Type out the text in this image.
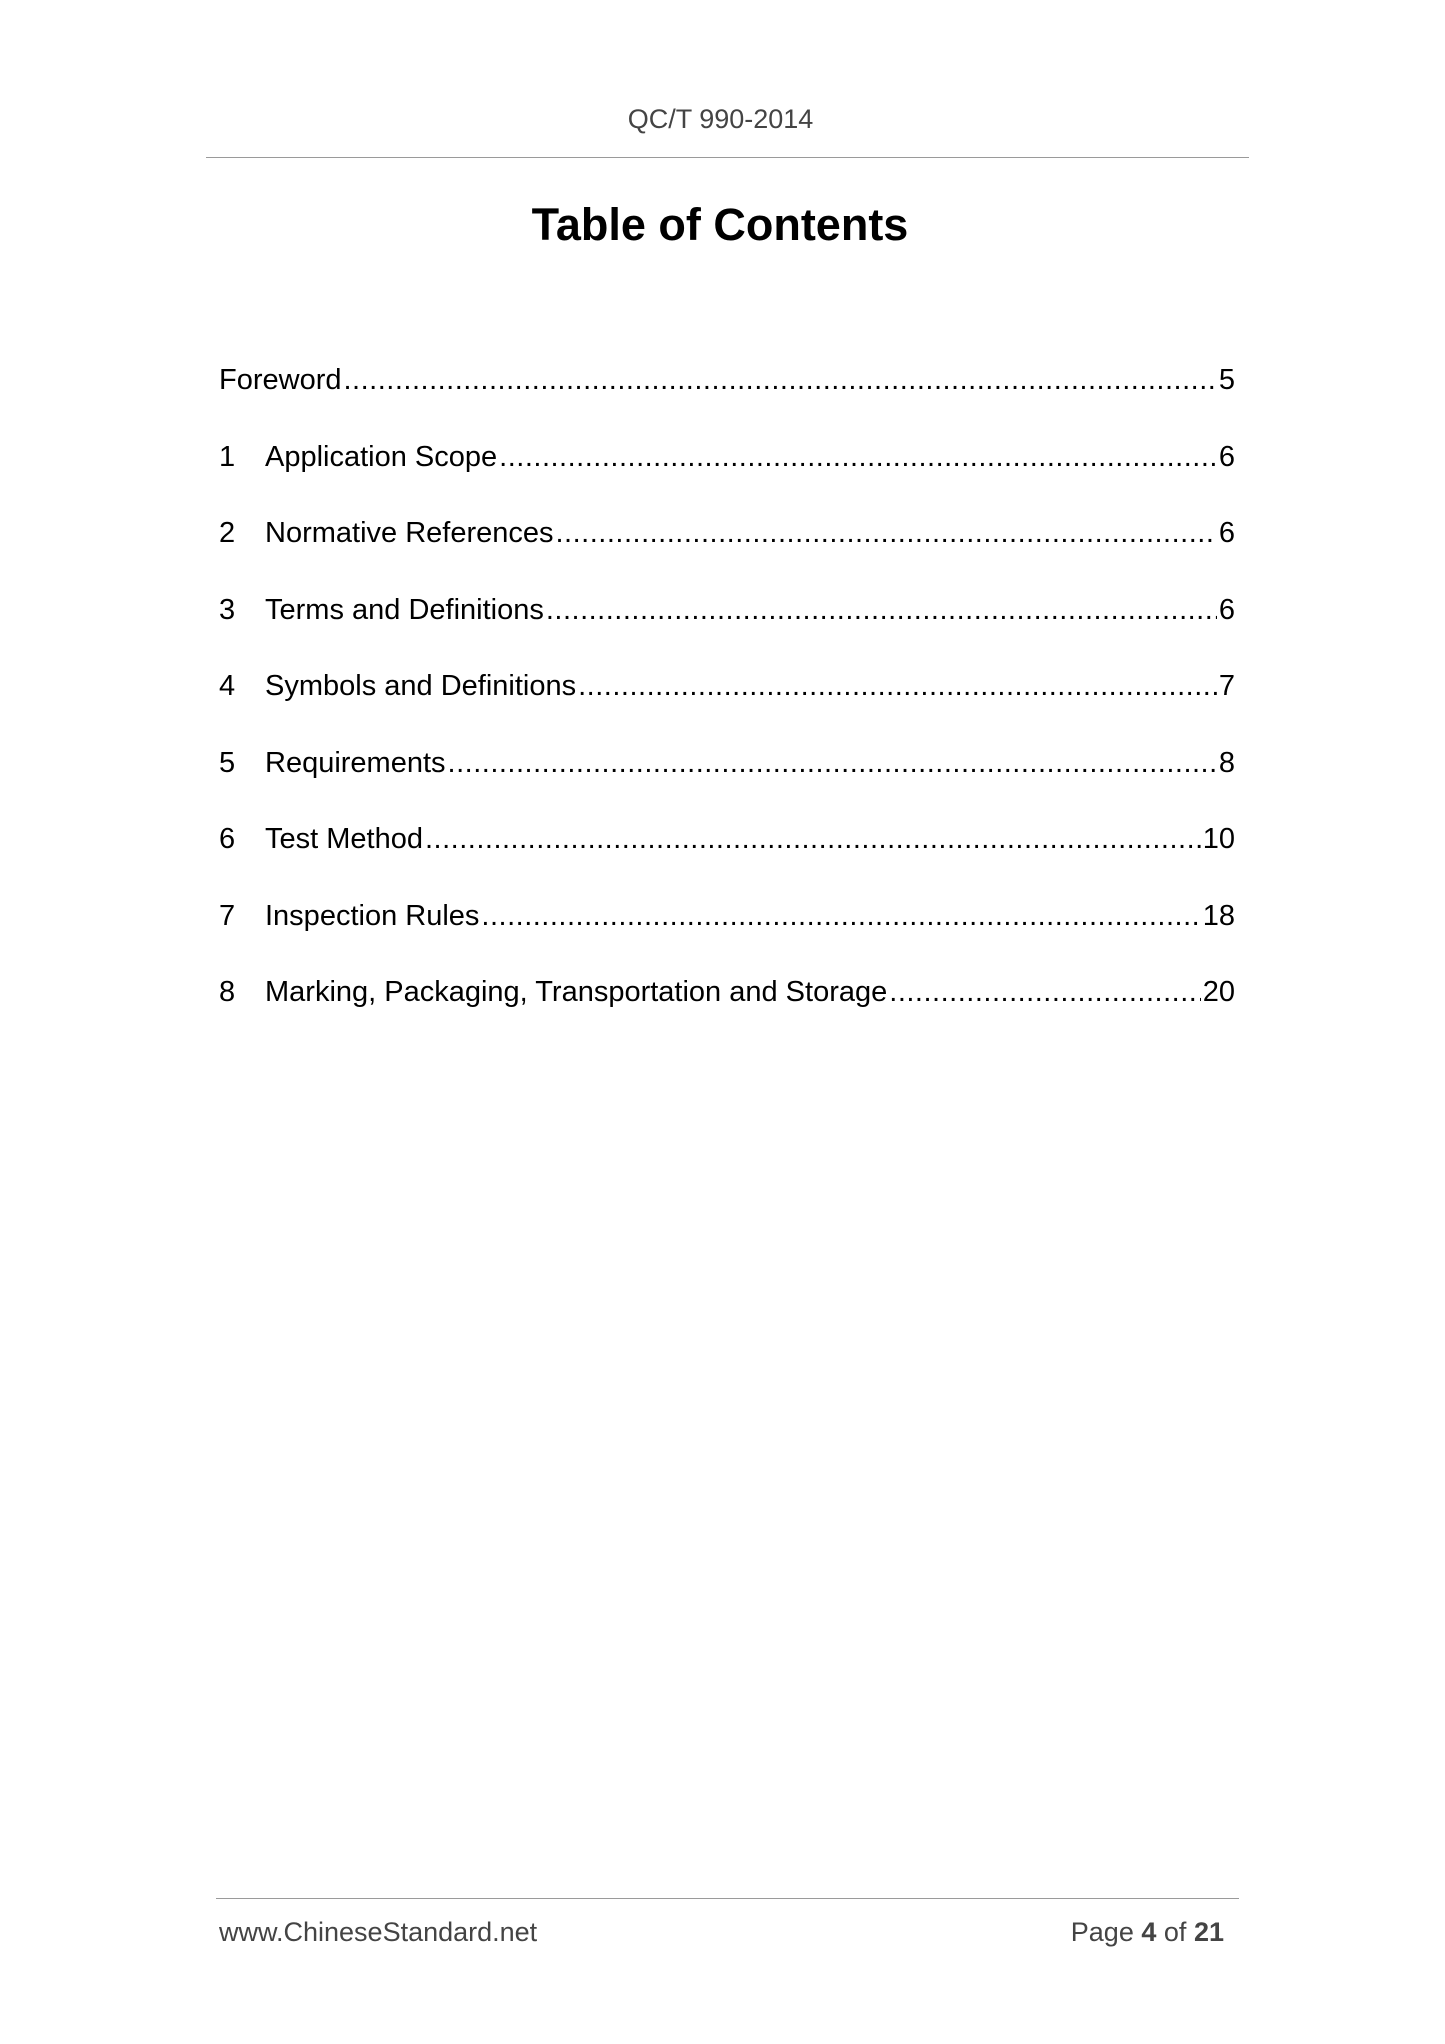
QC/T 990-2014
Table of Contents
Foreword .....	5
1	Application Scope .....	6
2	Normative References .....	6
3	Terms and Definitions .....	6
4	Symbols and Definitions .....	7
5	Requirements .....	8
6	Test Method .....	10
7	Inspection Rules .....	18
8	Marking, Packaging, Transportation and Storage .....	20
www.ChineseStandard.net	Page 4 of 21
